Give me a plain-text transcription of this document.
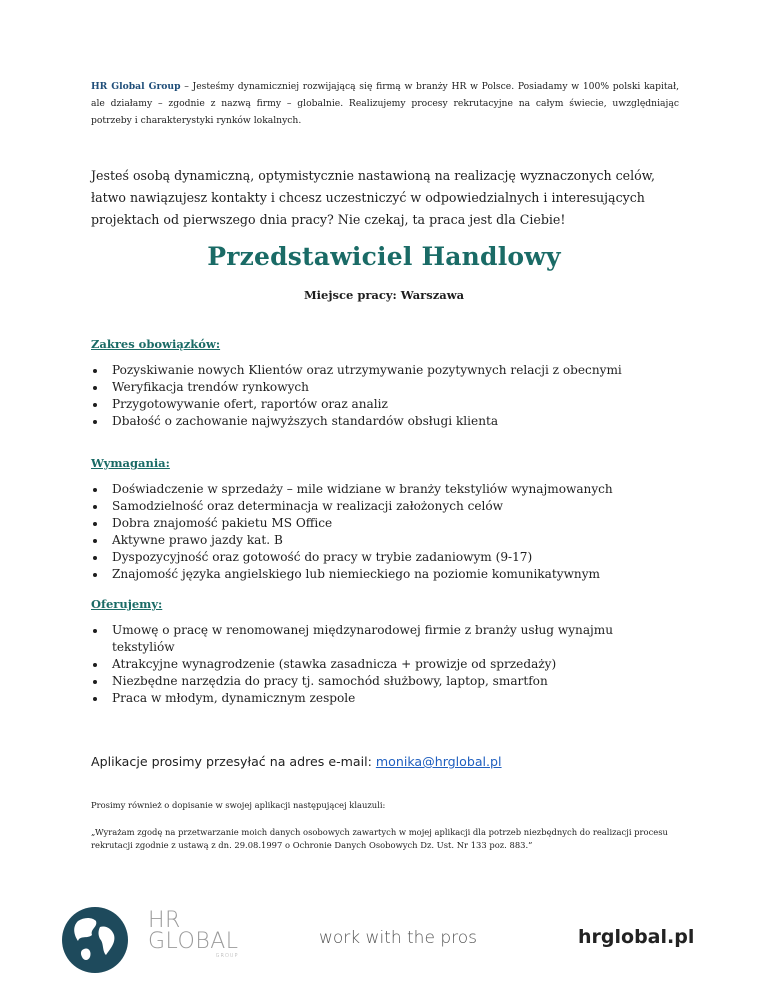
HR Global Group – Jesteśmy dynamiczniej rozwijającą się firmą w branży HR w Polsce. Posiadamy w 100% polski kapitał, ale działamy – zgodnie z nazwą firmy – globalnie. Realizujemy procesy rekrutacyjne na całym świecie, uwzględniając potrzeby i charakterystyki rynków lokalnych.
Jesteś osobą dynamiczną, optymistycznie nastawioną na realizację wyznaczonych celów, łatwo nawiązujesz kontakty i chcesz uczestniczyć w odpowiedzialnych i interesujących projektach od pierwszego dnia pracy? Nie czekaj, ta praca jest dla Ciebie!
Przedstawiciel Handlowy
Miejsce pracy: Warszawa
Zakres obowiązków:
Pozyskiwanie nowych Klientów oraz utrzymywanie pozytywnych relacji z obecnymi
Weryfikacja trendów rynkowych
Przygotowywanie ofert, raportów oraz analiz
Dbałość o zachowanie najwyższych standardów obsługi klienta
Wymagania:
Doświadczenie w sprzedaży – mile widziane w branży tekstyliów wynajmowanych
Samodzielność oraz determinacja w realizacji założonych celów
Dobra znajomość pakietu MS Office
Aktywne prawo jazdy kat. B
Dyspozycyjność oraz gotowość do pracy w trybie zadaniowym (9-17)
Znajomość języka angielskiego lub niemieckiego na poziomie komunikatywnym
Oferujemy:
Umowę o pracę w renomowanej międzynarodowej firmie z branży usług wynajmu tekstyliów
Atrakcyjne wynagrodzenie (stawka zasadnicza + prowizje od sprzedaży)
Niezbędne narzędzia do pracy tj. samochód służbowy, laptop, smartfon
Praca w młodym, dynamicznym zespole
Aplikacje prosimy przesyłać na adres e-mail: monika@hrglobal.pl
Prosimy również o dopisanie w swojej aplikacji następującej klauzuli:
„Wyrażam zgodę na przetwarzanie moich danych osobowych zawartych w mojej aplikacji dla potrzeb niezbędnych do realizacji procesu rekrutacji zgodnie z ustawą z dn. 29.08.1997 o Ochronie Danych Osobowych Dz. Ust. Nr 133 poz. 883.”
HR
GLOBAL
GROUP
work with the pros	hrglobal.pl
